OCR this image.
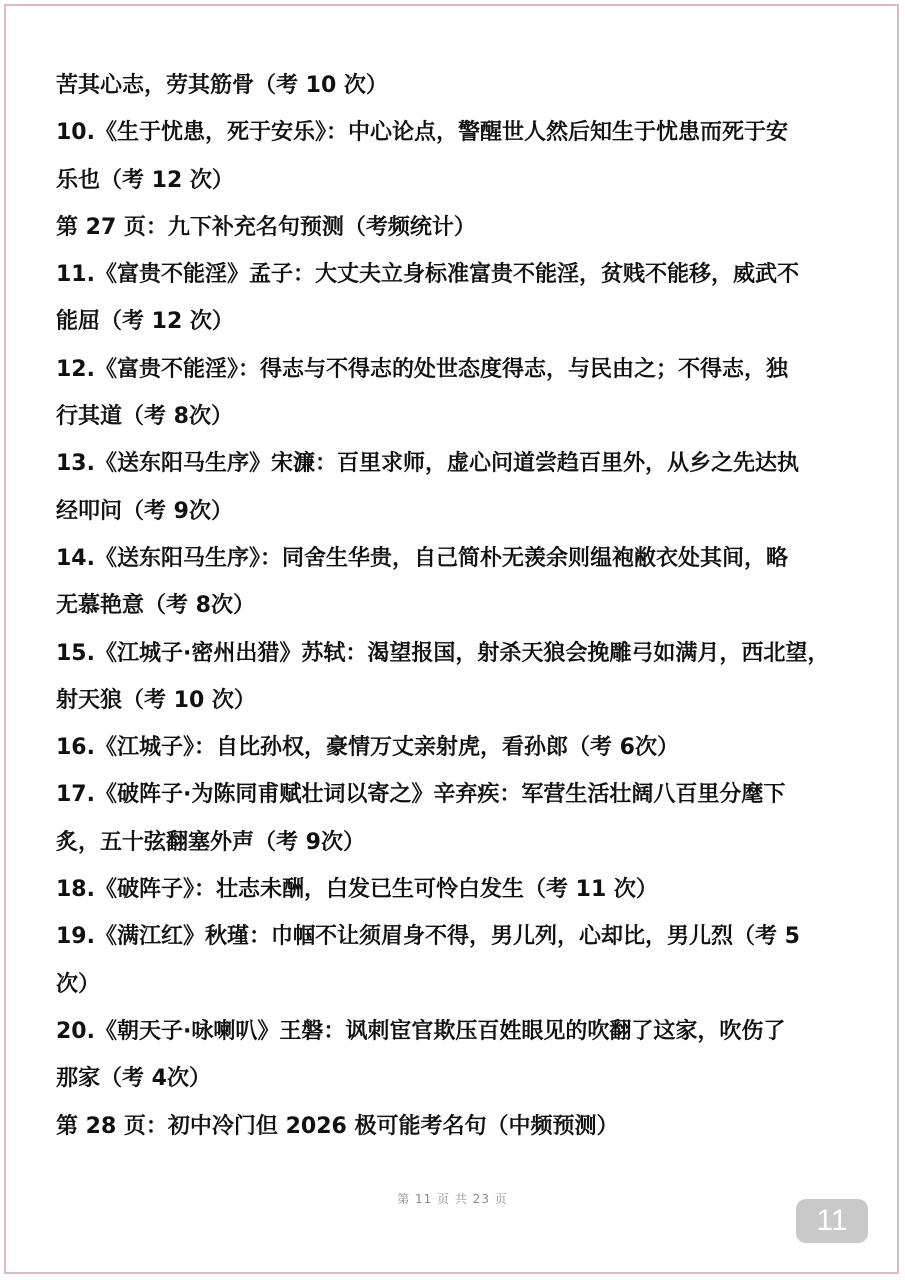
苦其心志，劳其筋骨（考 10 次）
10.《生于忧患，死于安乐》：中心论点，警醒世人然后知生于忧患而死于安
乐也（考 12 次）
第 27 页：九下补充名句预测（考频统计）
11.《富贵不能淫》孟子：大丈夫立身标准富贵不能淫，贫贱不能移，威武不
能屈（考 12 次）
12.《富贵不能淫》：得志与不得志的处世态度得志，与民由之；不得志，独
行其道（考 8次）
13.《送东阳马生序》宋濂：百里求师，虚心问道尝趋百里外，从乡之先达执
经叩问（考 9次）
14.《送东阳马生序》：同舍生华贵，自己简朴无羡余则缊袍敝衣处其间，略
无慕艳意（考 8次）
15.《江城子·密州出猎》苏轼：渴望报国，射杀天狼会挽雕弓如满月，西北望，
射天狼（考 10 次）
16.《江城子》：自比孙权，豪情万丈亲射虎，看孙郎（考 6次）
17.《破阵子·为陈同甫赋壮词以寄之》辛弃疾：军营生活壮阔八百里分麾下
炙，五十弦翻塞外声（考 9次）
18.《破阵子》：壮志未酬，白发已生可怜白发生（考 11 次）
19.《满江红》秋瑾：巾帼不让须眉身不得，男儿列，心却比，男儿烈（考 5
次）
20.《朝天子·咏喇叭》王磐：讽刺宦官欺压百姓眼见的吹翻了这家，吹伤了
那家（考 4次）
第 28 页：初中冷门但 2026 极可能考名句（中频预测）
第 11 页 共 23 页
11
